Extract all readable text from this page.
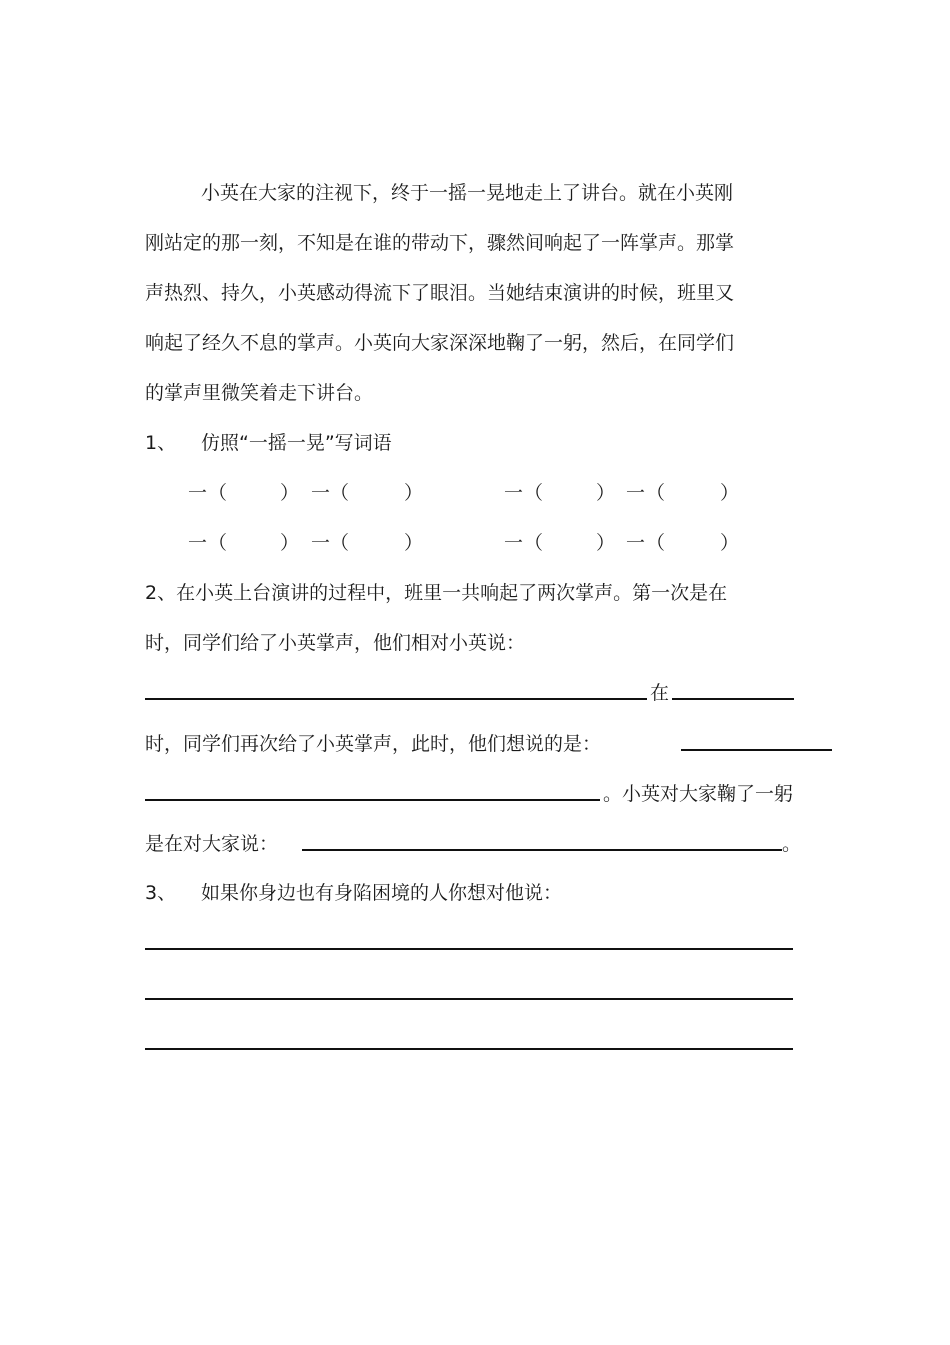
小英在大家的注视下，终于一摇一晃地走上了讲台。就在小英刚
刚站定的那一刻，不知是在谁的带动下，骤然间响起了一阵掌声。那掌
声热烈、持久，小英感动得流下了眼泪。当她结束演讲的时候，班里又
响起了经久不息的掌声。小英向大家深深地鞠了一躬，然后，在同学们
的掌声里微笑着走下讲台。
1、 仿照“一摇一晃”写词语
一 （	） 一 （	）	一 （	） 一 （	）
一 （	） 一 （	）	一 （	） 一 （	）
2、在小英上台演讲的过程中，班里一共响起了两次掌声。第一次是在
时，同学们给了小英掌声，他们相对小英说：
在
时，同学们再次给了小英掌声，此时，他们想说的是：
。小英对大家鞠了一躬
是在对大家说：	。
3、 如果你身边也有身陷困境的人你想对他说：
